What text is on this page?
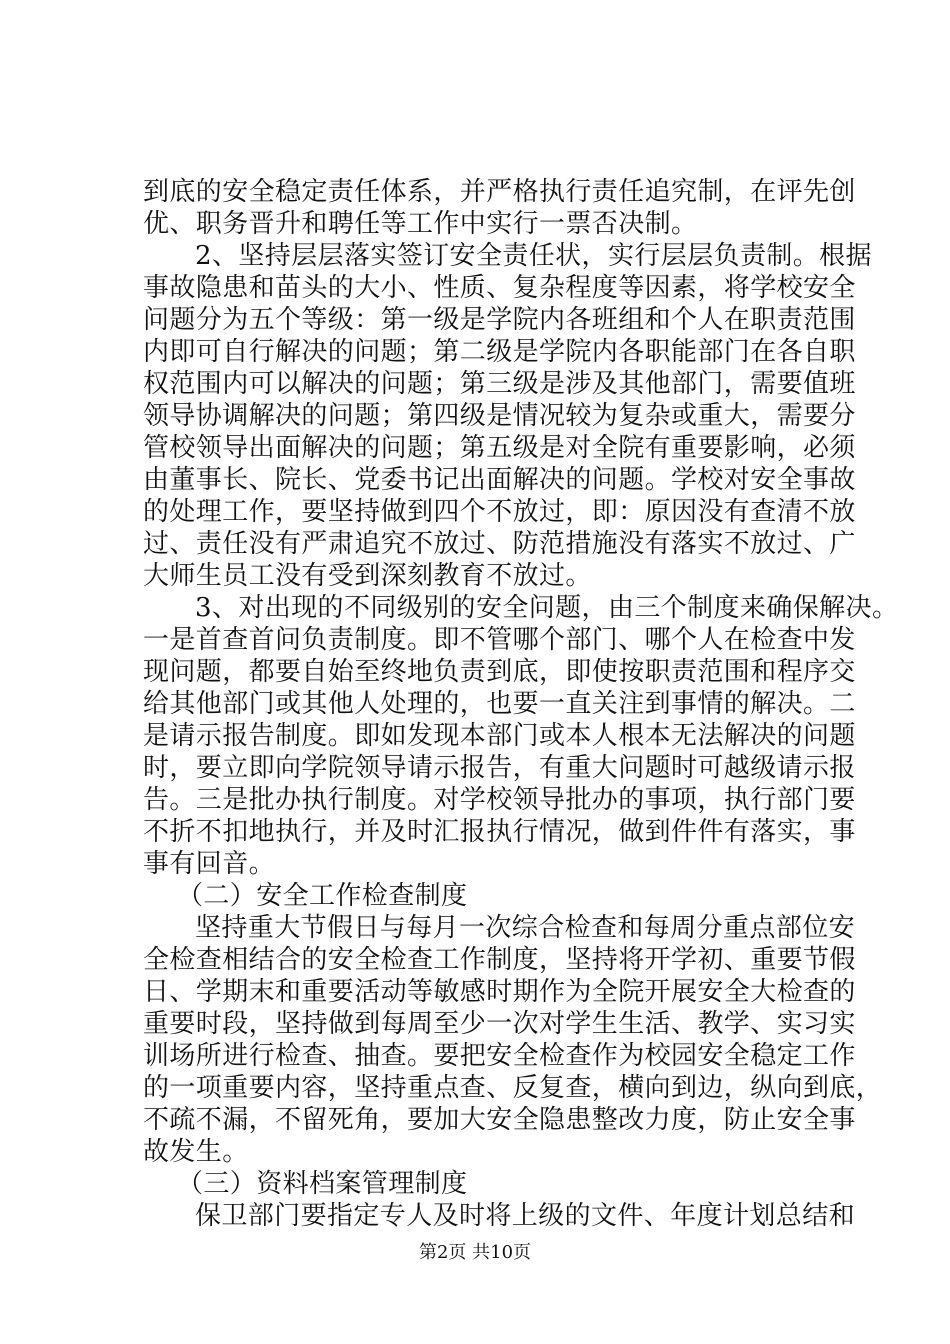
到底的安全稳定责任体系，并严格执行责任追究制，在评先创
优、职务晋升和聘任等工作中实行一票否决制。
2、坚持层层落实签订安全责任状，实行层层负责制。根据
事故隐患和苗头的大小、性质、复杂程度等因素，将学校安全
问题分为五个等级：第一级是学院内各班组和个人在职责范围
内即可自行解决的问题；第二级是学院内各职能部门在各自职
权范围内可以解决的问题；第三级是涉及其他部门，需要值班
领导协调解决的问题；第四级是情况较为复杂或重大，需要分
管校领导出面解决的问题；第五级是对全院有重要影响，必须
由董事长、院长、党委书记出面解决的问题。学校对安全事故
的处理工作，要坚持做到四个不放过，即：原因没有查清不放
过、责任没有严肃追究不放过、防范措施没有落实不放过、广
大师生员工没有受到深刻教育不放过。
3、对出现的不同级别的安全问题，由三个制度来确保解决。
一是首查首问负责制度。即不管哪个部门、哪个人在检查中发
现问题，都要自始至终地负责到底，即使按职责范围和程序交
给其他部门或其他人处理的，也要一直关注到事情的解决。二
是请示报告制度。即如发现本部门或本人根本无法解决的问题
时，要立即向学院领导请示报告，有重大问题时可越级请示报
告。三是批办执行制度。对学校领导批办的事项，执行部门要
不折不扣地执行，并及时汇报执行情况，做到件件有落实，事
事有回音。
（二）安全工作检查制度
坚持重大节假日与每月一次综合检查和每周分重点部位安
全检查相结合的安全检查工作制度，坚持将开学初、重要节假
日、学期末和重要活动等敏感时期作为全院开展安全大检查的
重要时段，坚持做到每周至少一次对学生生活、教学、实习实
训场所进行检查、抽查。要把安全检查作为校园安全稳定工作
的一项重要内容，坚持重点查、反复查，横向到边，纵向到底，
不疏不漏，不留死角，要加大安全隐患整改力度，防止安全事
故发生。
（三）资料档案管理制度
保卫部门要指定专人及时将上级的文件、年度计划总结和
第2页 共10页
